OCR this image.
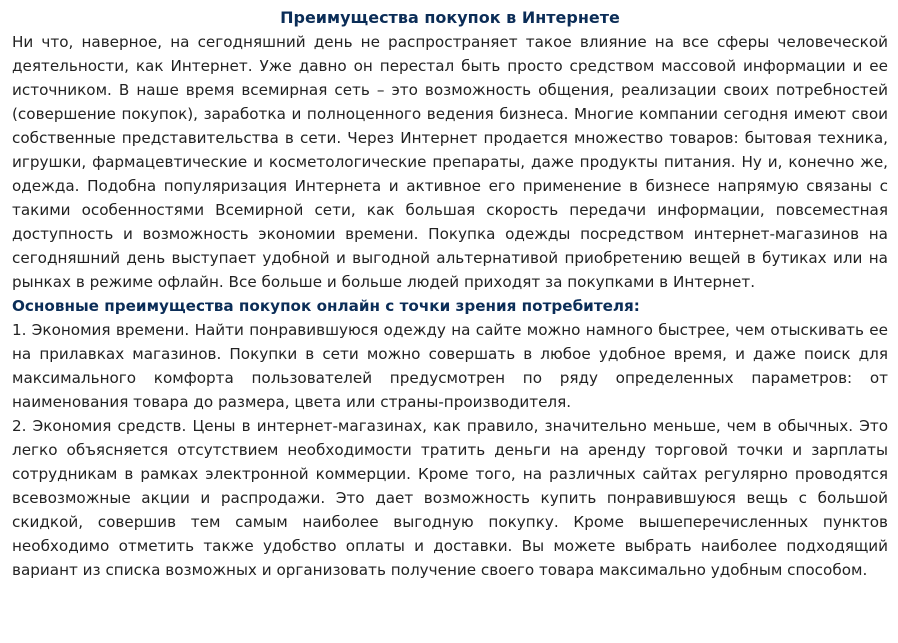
Преимущества покупок в Интернете

Ни что, наверное, на сегодняшний день не распространяет такое влияние на все сферы человеческой деятельности, как Интернет. Уже давно он перестал быть просто средством массовой информации и ее источником. В наше время всемирная сеть – это возможность общения, реализации своих потребностей (совершение покупок), заработка и полноценного ведения бизнеса. Многие компании сегодня имеют свои собственные представительства в сети. Через Интернет продается множество товаров: бытовая техника, игрушки, фармацевтические и косметологические препараты, даже продукты питания. Ну и, конечно же, одежда. Подобна популяризация Интернета и активное его применение в бизнесе напрямую связаны с такими особенностями Всемирной сети, как большая скорость передачи информации, повсеместная доступность и возможность экономии времени. Покупка одежды посредством интернет-магазинов на сегодняшний день выступает удобной и выгодной альтернативой приобретению вещей в бутиках или на рынках в режиме офлайн. Все больше и больше людей приходят за покупками в Интернет.

Основные преимущества покупок онлайн с точки зрения потребителя:

1. Экономия времени. Найти понравившуюся одежду на сайте можно намного быстрее, чем отыскивать ее на прилавках магазинов. Покупки в сети можно совершать в любое удобное время, и даже поиск для максимального комфорта пользователей предусмотрен по ряду определенных параметров: от наименования товара до размера, цвета или страны-производителя.

2. Экономия средств. Цены в интернет-магазинах, как правило, значительно меньше, чем в обычных. Это легко объясняется отсутствием необходимости тратить деньги на аренду торговой точки и зарплаты сотрудникам в рамках электронной коммерции. Кроме того, на различных сайтах регулярно проводятся всевозможные акции и распродажи. Это дает возможность купить понравившуюся вещь с большой скидкой, совершив тем самым наиболее выгодную покупку. Кроме вышеперечисленных пунктов необходимо отметить также удобство оплаты и доставки. Вы можете выбрать наиболее подходящий вариант из списка возможных и организовать получение своего товара максимально удобным способом.
